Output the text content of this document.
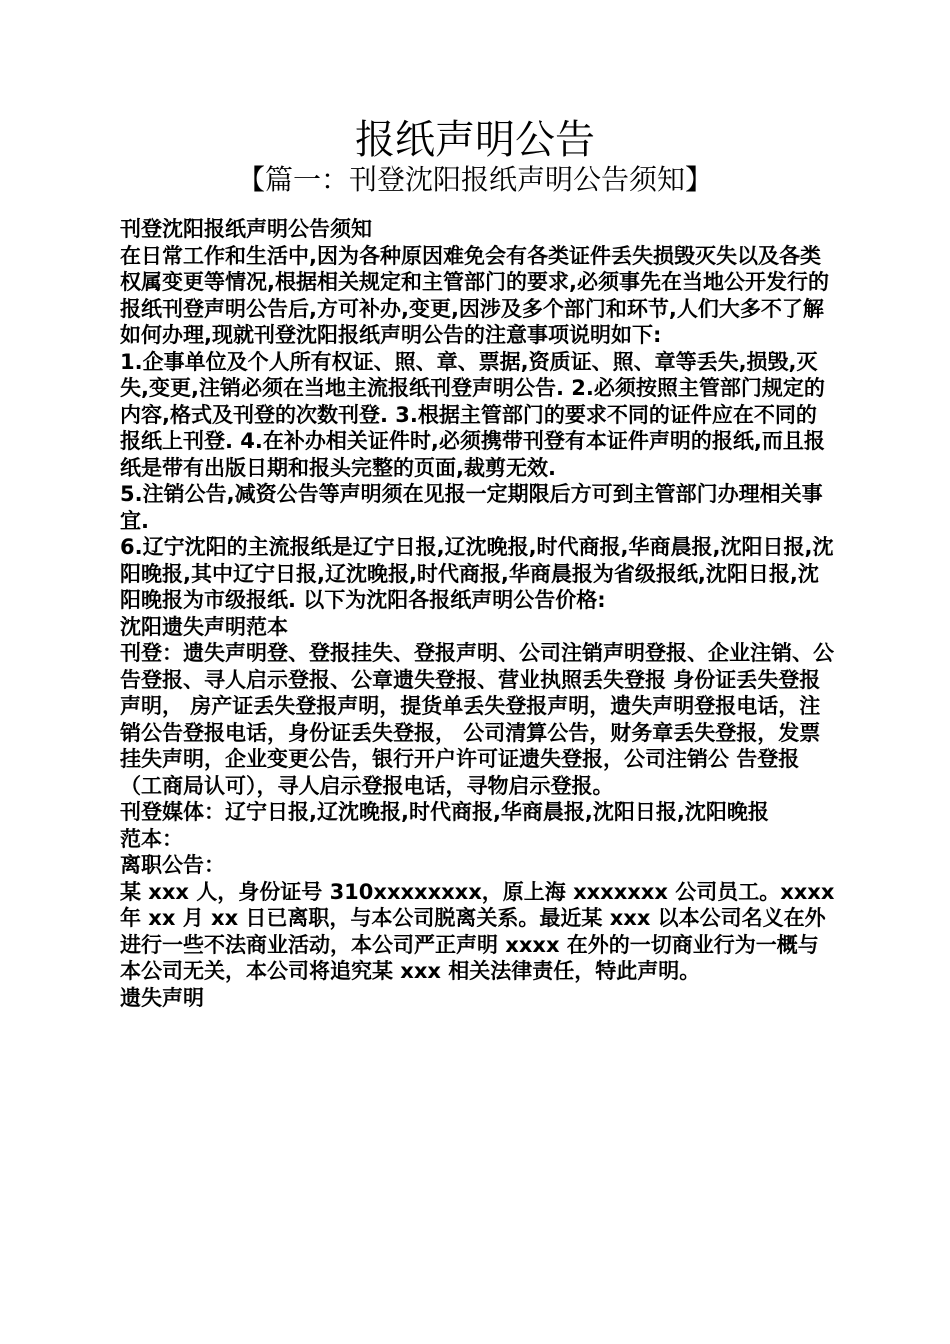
报纸声明公告
【篇一：刊登沈阳报纸声明公告须知】

刊登沈阳报纸声明公告须知

在日常工作和生活中,因为各种原因难免会有各类证件丢失损毁灭失以及各类权属变更等情况,根据相关规定和主管部门的要求,必须事先在当地公开发行的报纸刊登声明公告后,方可补办,变更,因涉及多个部门和环节,人们大多不了解如何办理,现就刊登沈阳报纸声明公告的注意事项说明如下:

1.企事单位及个人所有权证、照、章、票据,资质证、照、章等丢失,损毁,灭失,变更,注销必须在当地主流报纸刊登声明公告. 2.必须按照主管部门规定的内容,格式及刊登的次数刊登. 3.根据主管部门的要求不同的证件应在不同的报纸上刊登. 4.在补办相关证件时,必须携带刊登有本证件声明的报纸,而且报纸是带有出版日期和报头完整的页面,裁剪无效.

5.注销公告,减资公告等声明须在见报一定期限后方可到主管部门办理相关事宜.

6.辽宁沈阳的主流报纸是辽宁日报,辽沈晚报,时代商报,华商晨报,沈阳日报,沈阳晚报,其中辽宁日报,辽沈晚报,时代商报,华商晨报为省级报纸,沈阳日报,沈阳晚报为市级报纸. 以下为沈阳各报纸声明公告价格:

沈阳遗失声明范本

刊登：遗失声明登、登报挂失、登报声明、公司注销声明登报、企业注销、公告登报、寻人启示登报、公章遗失登报、营业执照丢失登报 身份证丢失登报声明， 房产证丢失登报声明，提货单丢失登报声明，遗失声明登报电话，注销公告登报电话，身份证丢失登报， 公司清算公告，财务章丢失登报，发票挂失声明，企业变更公告，银行开户许可证遗失登报，公司注销公 告登报（工商局认可），寻人启示登报电话，寻物启示登报。

刊登媒体：辽宁日报,辽沈晚报,时代商报,华商晨报,沈阳日报,沈阳晚报

范本：

离职公告：

某 xxx 人，身份证号 310xxxxxxxx，原上海 xxxxxxx 公司员工。xxxx 年 xx 月 xx 日已离职，与本公司脱离关系。最近某 xxx 以本公司名义在外进行一些不法商业活动，本公司严正声明 xxxx 在外的一切商业行为一概与本公司无关，本公司将追究某 xxx 相关法律责任，特此声明。

遗失声明
